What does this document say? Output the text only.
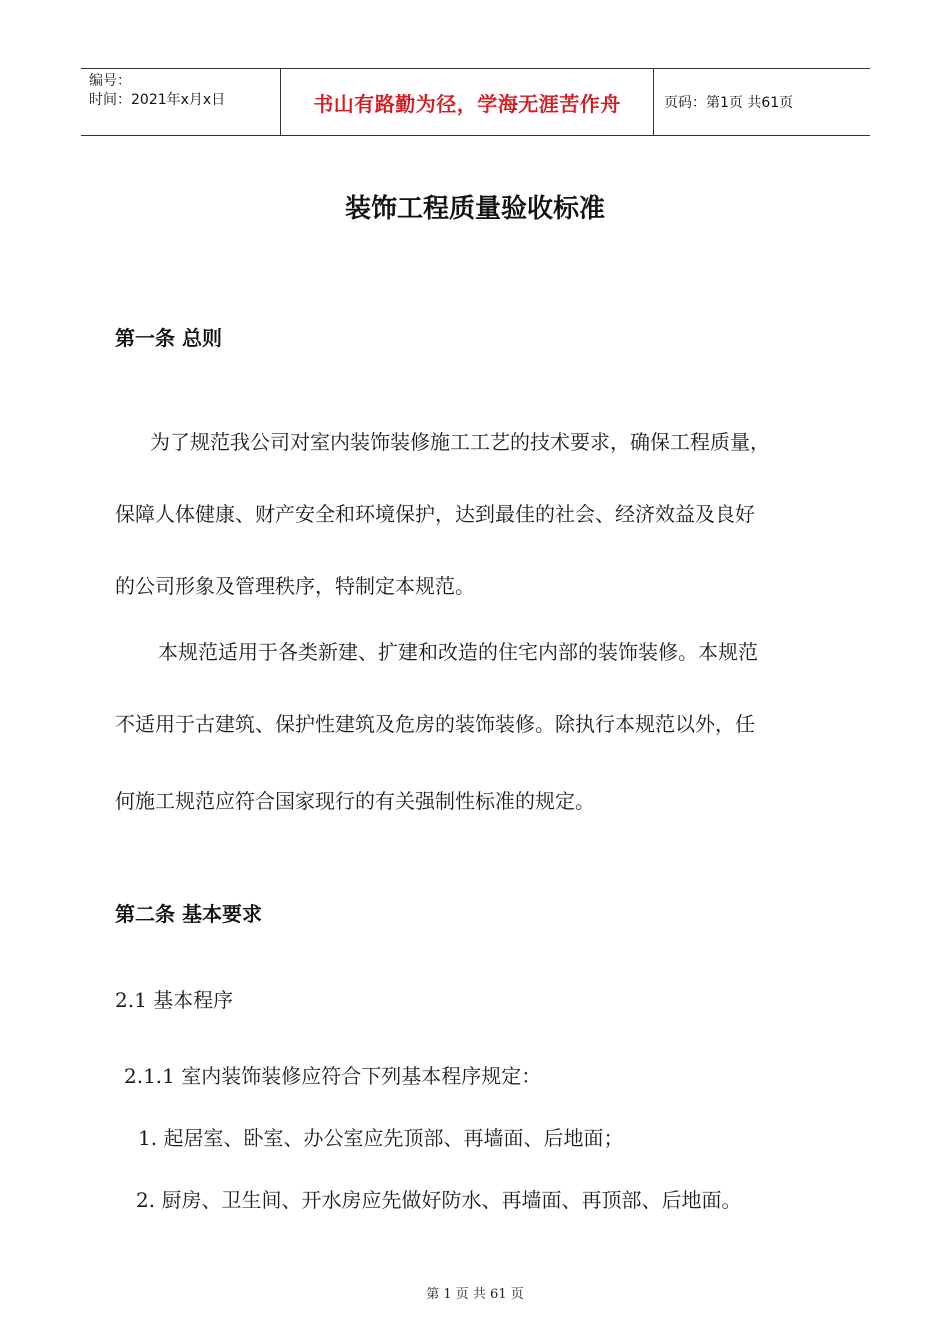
编号：
时间：2021年x月x日	书山有路勤为径，学海无涯苦作舟	页码：第1页 共61页
装饰工程质量验收标准
第一条 总则
为了规范我公司对室内装饰装修施工工艺的技术要求，确保工程质量，
保障人体健康、财产安全和环境保护，达到最佳的社会、经济效益及良好
的公司形象及管理秩序，特制定本规范。
本规范适用于各类新建、扩建和改造的住宅内部的装饰装修。本规范
不适用于古建筑、保护性建筑及危房的装饰装修。除执行本规范以外，任
何施工规范应符合国家现行的有关强制性标准的规定。
第二条 基本要求
2.1 基本程序
2.1.1 室内装饰装修应符合下列基本程序规定：
1. 起居室、卧室、办公室应先顶部、再墙面、后地面；
2. 厨房、卫生间、开水房应先做好防水、再墙面、再顶部、后地面。
第 1 页 共 61 页
